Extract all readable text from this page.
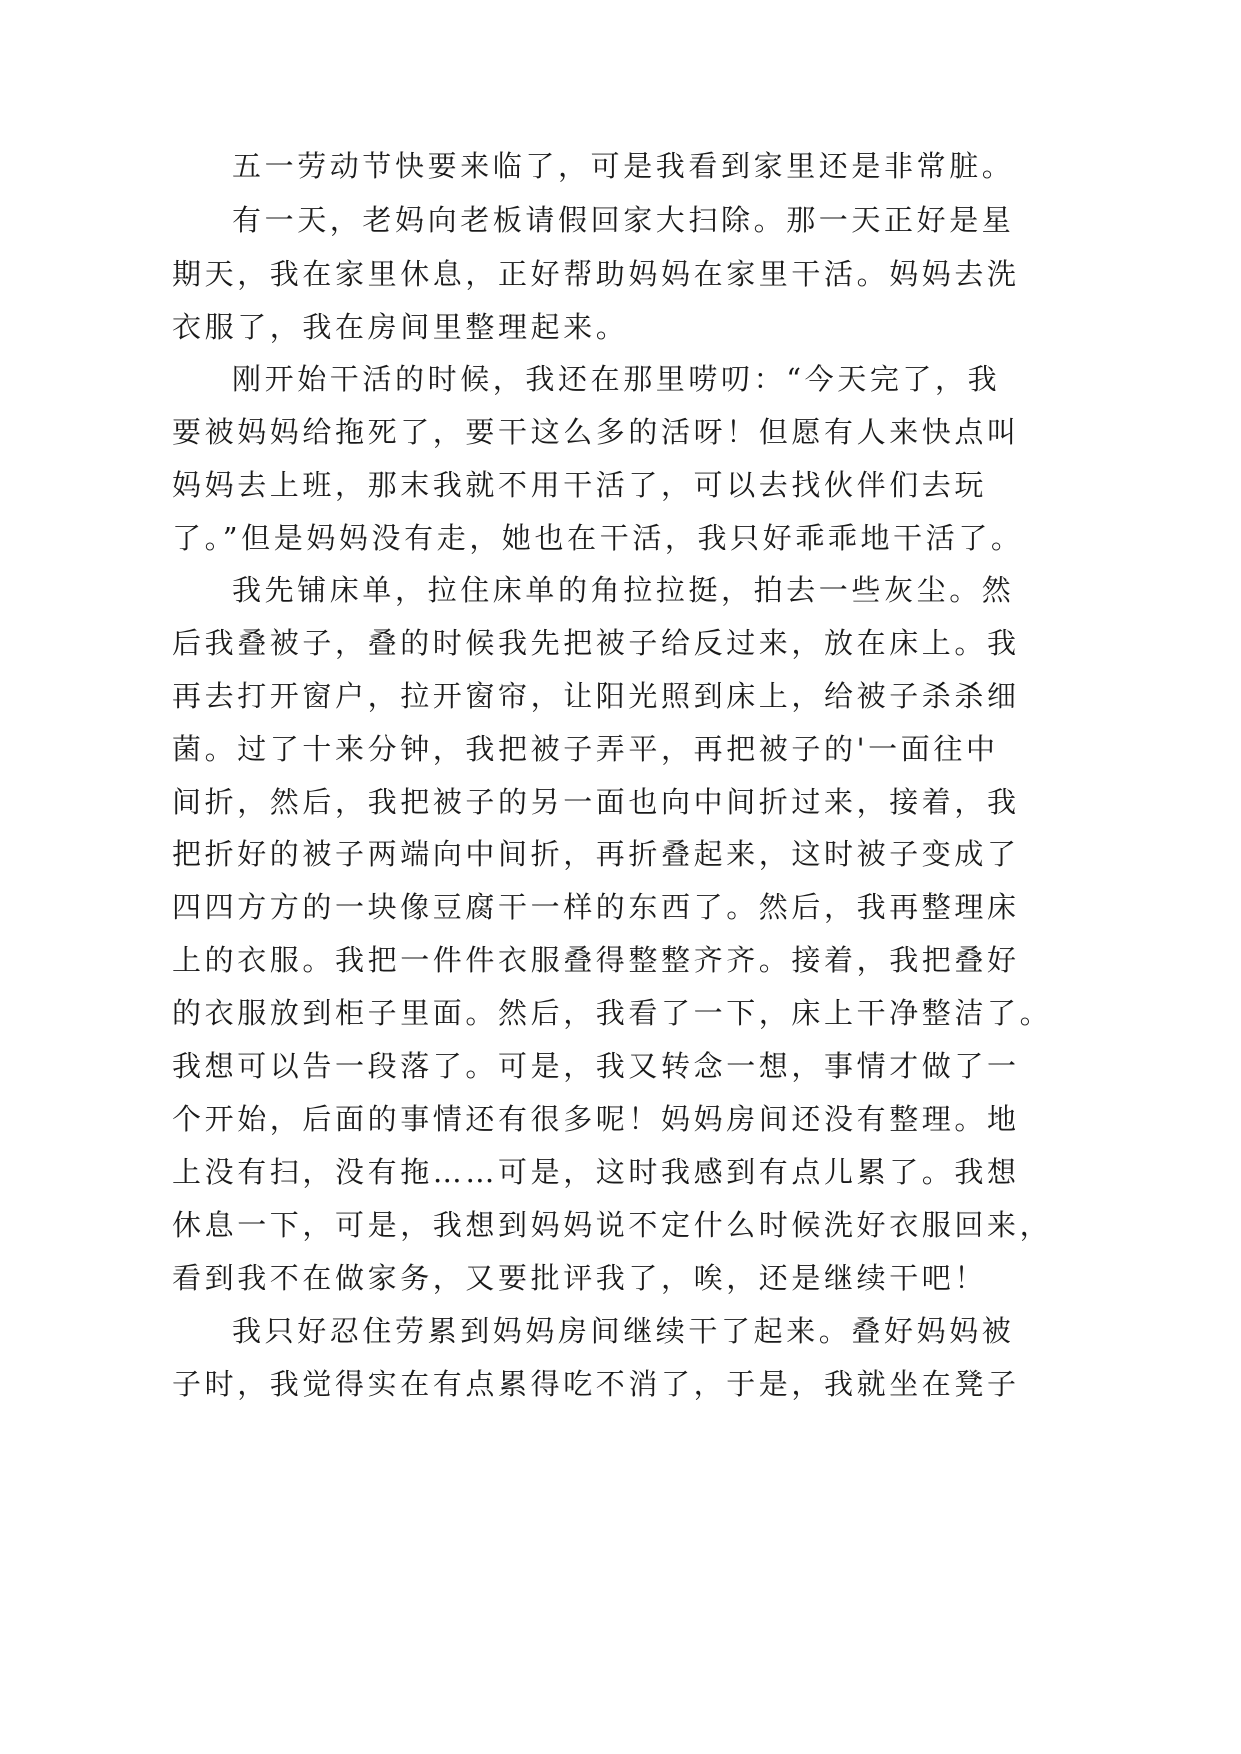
五一劳动节快要来临了，可是我看到家里还是非常脏。
有一天，老妈向老板请假回家大扫除。那一天正好是星
期天，我在家里休息，正好帮助妈妈在家里干活。妈妈去洗
衣服了，我在房间里整理起来。
刚开始干活的时候，我还在那里唠叨：“今天完了，我
要被妈妈给拖死了，要干这么多的活呀！但愿有人来快点叫
妈妈去上班，那末我就不用干活了，可以去找伙伴们去玩
了。”但是妈妈没有走，她也在干活，我只好乖乖地干活了。
我先铺床单，拉住床单的角拉拉挺，拍去一些灰尘。然
后我叠被子，叠的时候我先把被子给反过来，放在床上。我
再去打开窗户，拉开窗帘，让阳光照到床上，给被子杀杀细
菌。过了十来分钟，我把被子弄平，再把被子的'一面往中
间折，然后，我把被子的另一面也向中间折过来，接着，我
把折好的被子两端向中间折，再折叠起来，这时被子变成了
四四方方的一块像豆腐干一样的东西了。然后，我再整理床
上的衣服。我把一件件衣服叠得整整齐齐。接着，我把叠好
的衣服放到柜子里面。然后，我看了一下，床上干净整洁了。
我想可以告一段落了。可是，我又转念一想，事情才做了一
个开始，后面的事情还有很多呢！妈妈房间还没有整理。地
上没有扫，没有拖……可是，这时我感到有点儿累了。我想
休息一下，可是，我想到妈妈说不定什么时候洗好衣服回来，
看到我不在做家务，又要批评我了，唉，还是继续干吧！
我只好忍住劳累到妈妈房间继续干了起来。叠好妈妈被
子时，我觉得实在有点累得吃不消了，于是，我就坐在凳子
